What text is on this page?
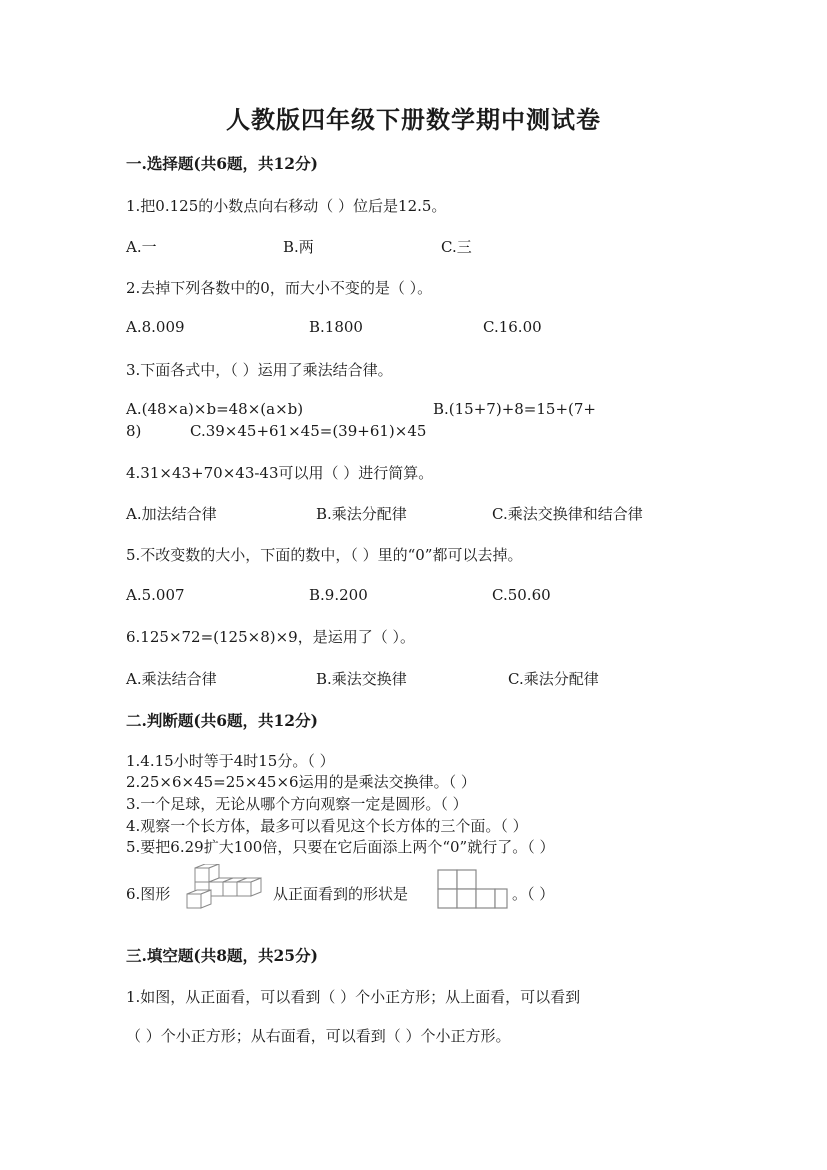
人教版四年级下册数学期中测试卷
一.选择题(共6题，共12分)
1.把0.125的小数点向右移动（ ）位后是12.5。
A.一	B.两	C.三
2.去掉下列各数中的0，而大小不变的是（ ）。
A.8.009	B.1800	C.16.00
3.下面各式中，（ ）运用了乘法结合律。
A.(48×a)×b=48×(a×b)	B.(15+7)+8=15+(7+
8)	C.39×45+61×45=(39+61)×45
4.31×43+70×43-43可以用（ ）进行简算。
A.加法结合律	B.乘法分配律	C.乘法交换律和结合律
5.不改变数的大小，下面的数中，（ ）里的“0”都可以去掉。
A.5.007	B.9.200	C.50.60
6.125×72=(125×8)×9，是运用了（ ）。
A.乘法结合律	B.乘法交换律	C.乘法分配律
二.判断题(共6题，共12分)
1.4.15小时等于4时15分。（ ）
2.25×6×45=25×45×6运用的是乘法交换律。（ ）
3.一个足球，无论从哪个方向观察一定是圆形。（ ）
4.观察一个长方体，最多可以看见这个长方体的三个面。（ ）
5.要把6.29扩大100倍，只要在它后面添上两个“0”就行了。（ ）
6.图形	从正面看到的形状是	。（ ）
三.填空题(共8题，共25分)
1.如图，从正面看，可以看到（ ）个小正方形；从上面看，可以看到
（ ）个小正方形；从右面看，可以看到（ ）个小正方形。
